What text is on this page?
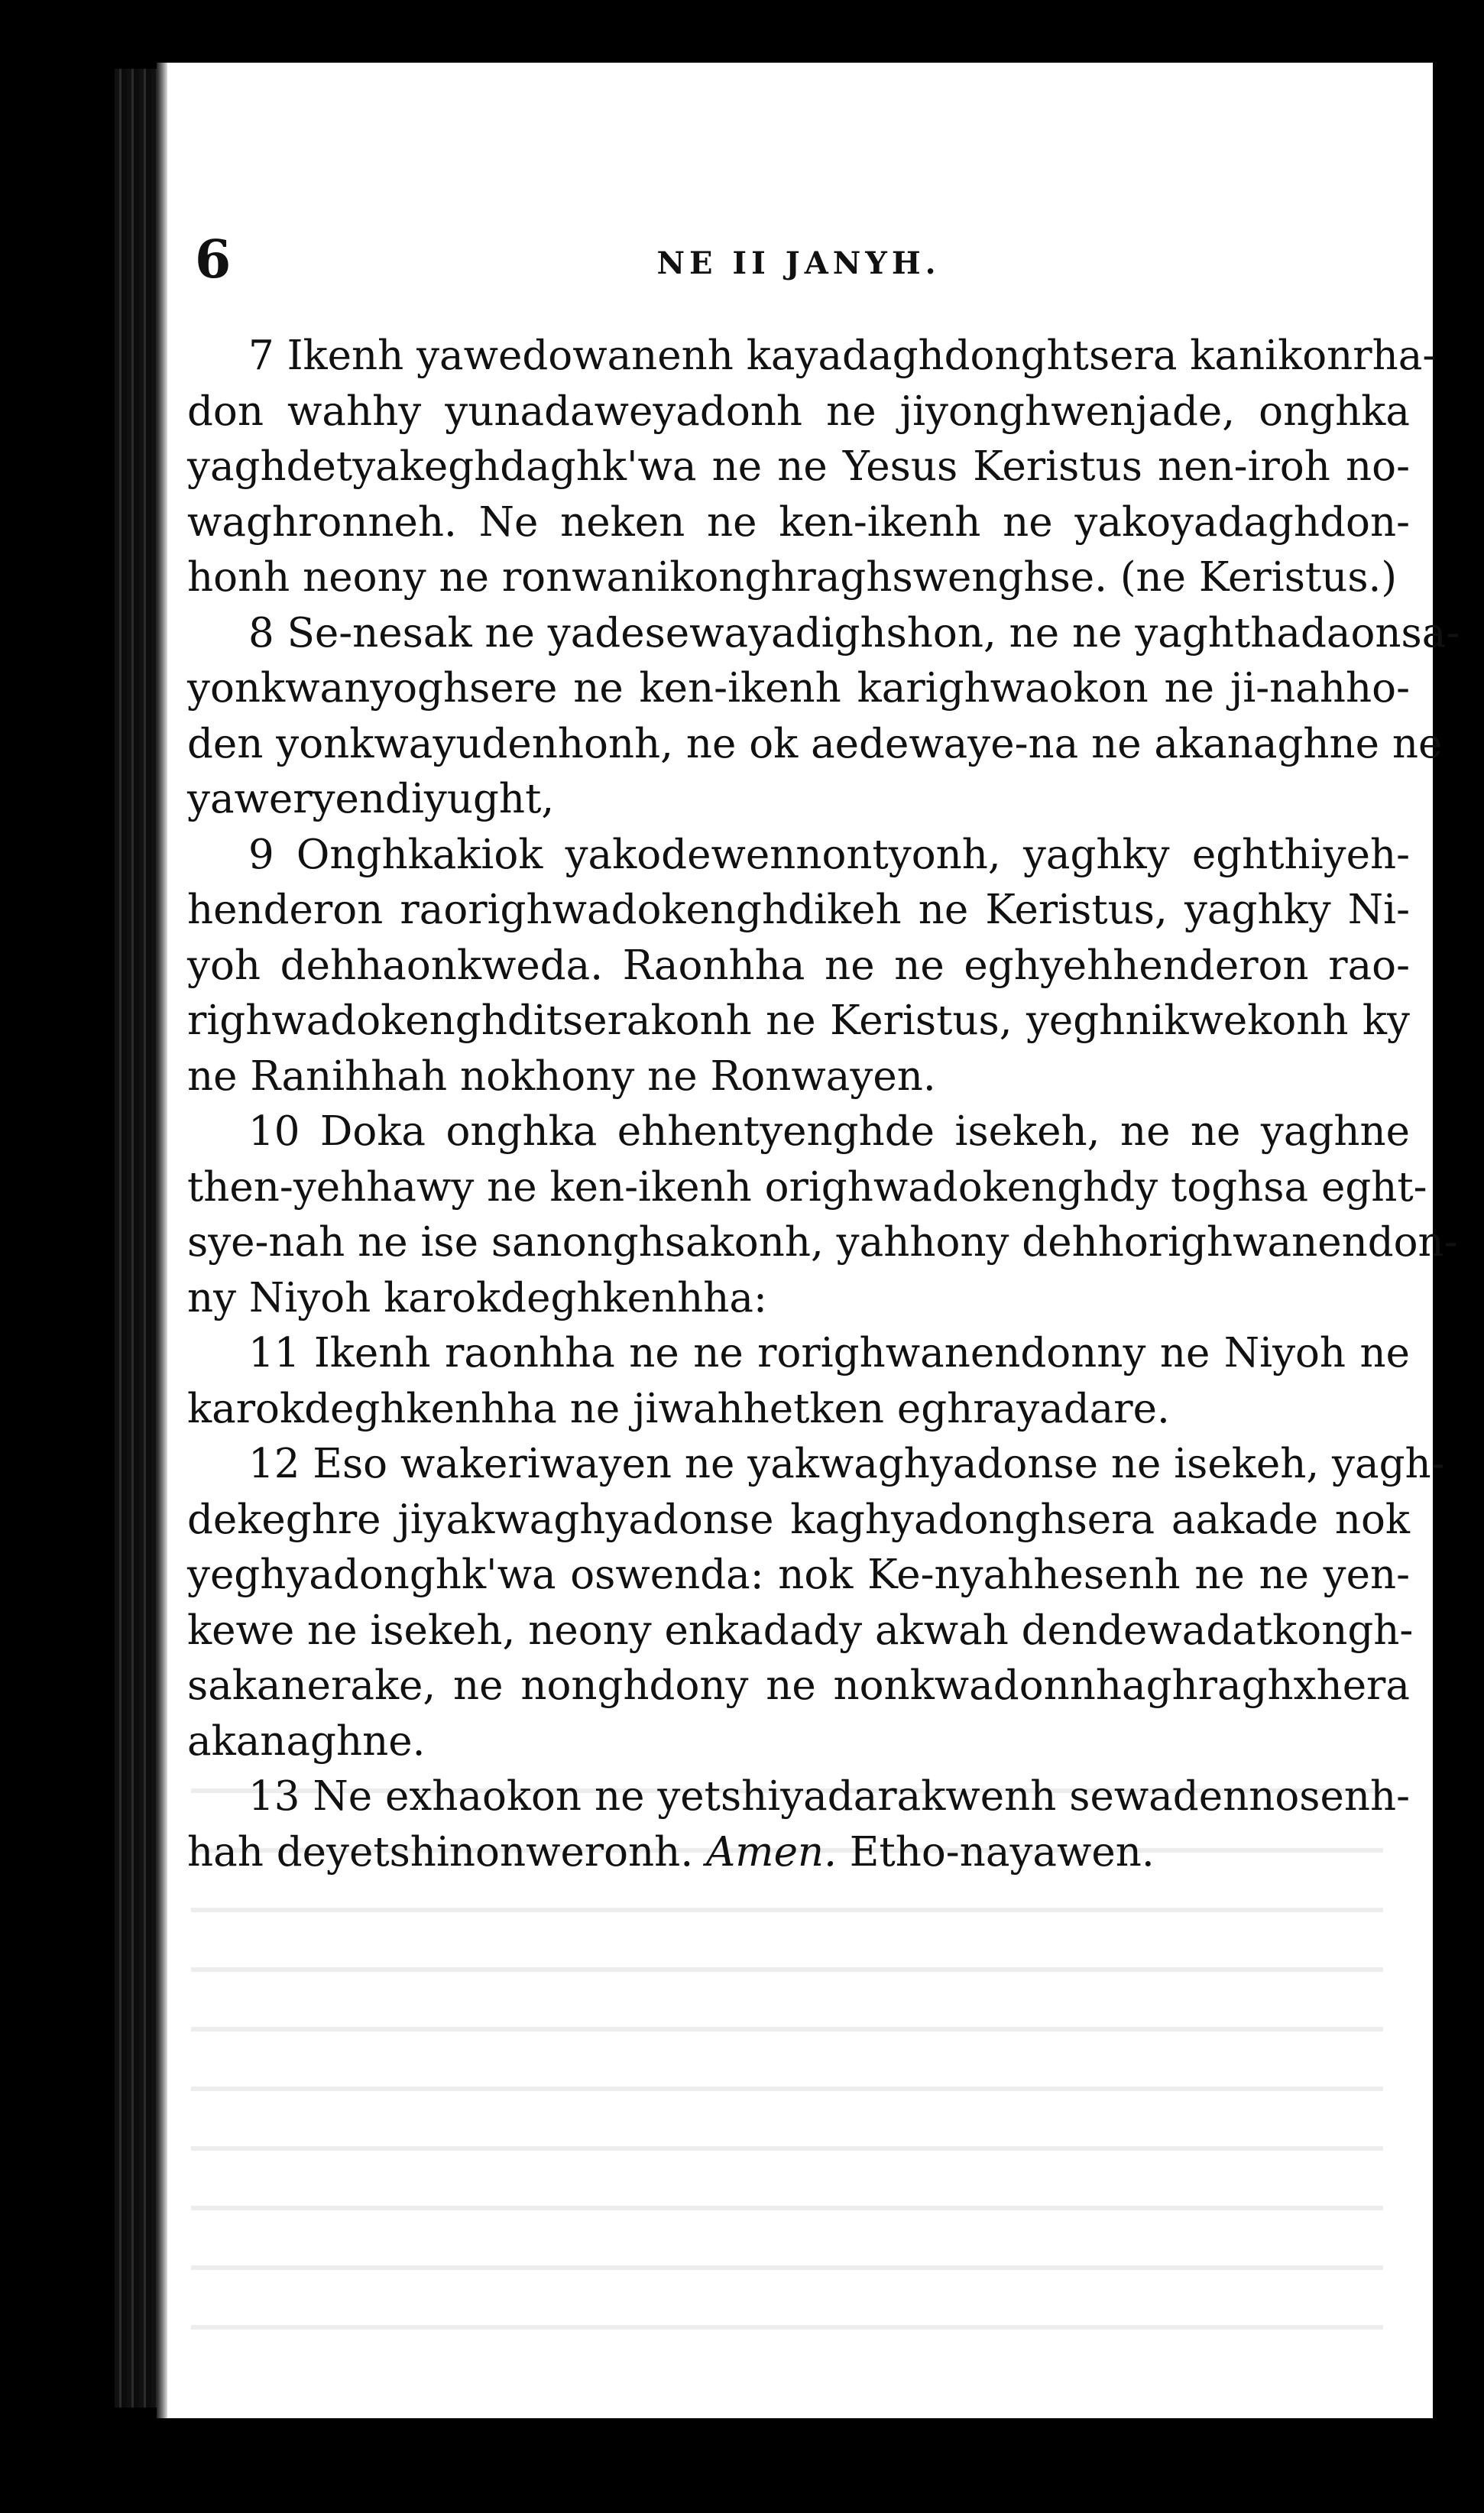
6	NE II JANYH.

7 Ikenh yawedowanenh kayadaghdonghtsera kanikonrha-
don wahhy yunadaweyadonh ne jiyonghwenjade, onghka
yaghdetyakeghdaghk'wa ne ne Yesus Keristus nen-iroh no-
waghronneh. Ne neken ne ken-ikenh ne yakoyadaghdon-
honh neony ne ronwanikonghraghswenghse. (ne Keristus.)

8 Se-nesak ne yadesewayadighshon, ne ne yaghthadaonsa-
yonkwanyoghsere ne ken-ikenh karighwaokon ne ji-nahho-
den yonkwayudenhonh, ne ok aedewaye-na ne akanaghne ne
yaweryendiyught,

9 Onghkakiok yakodewennontyonh, yaghky eghthiyeh-
henderon raorighwadokenghdikeh ne Keristus, yaghky Ni-
yoh dehhaonkweda. Raonhha ne ne eghyehhenderon rao-
righwadokenghditserakonh ne Keristus, yeghnikwekonh ky
ne Ranihhah nokhony ne Ronwayen.

10 Doka onghka ehhentyenghde isekeh, ne ne yaghne
then-yehhawy ne ken-ikenh orighwadokenghdy toghsa eght-
sye-nah ne ise sanonghsakonh, yahhony dehhorighwanendon-
ny Niyoh karokdeghkenhha:

11 Ikenh raonhha ne ne rorighwanendonny ne Niyoh ne
karokdeghkenhha ne jiwahhetken eghrayadare.

12 Eso wakeriwayen ne yakwaghyadonse ne isekeh, yagh-
dekeghre jiyakwaghyadonse kaghyadonghsera aakade nok
yeghyadonghk'wa oswenda: nok Ke-nyahhesenh ne ne yen-
kewe ne isekeh, neony enkadady akwah dendewadatkongh-
sakanerake, ne nonghdony ne nonkwadonnhaghraghxhera
akanaghne.

13 Ne exhaokon ne yetshiyadarakwenh sewadennosenh-
hah deyetshinonweronh. Amen. Etho-nayawen.
